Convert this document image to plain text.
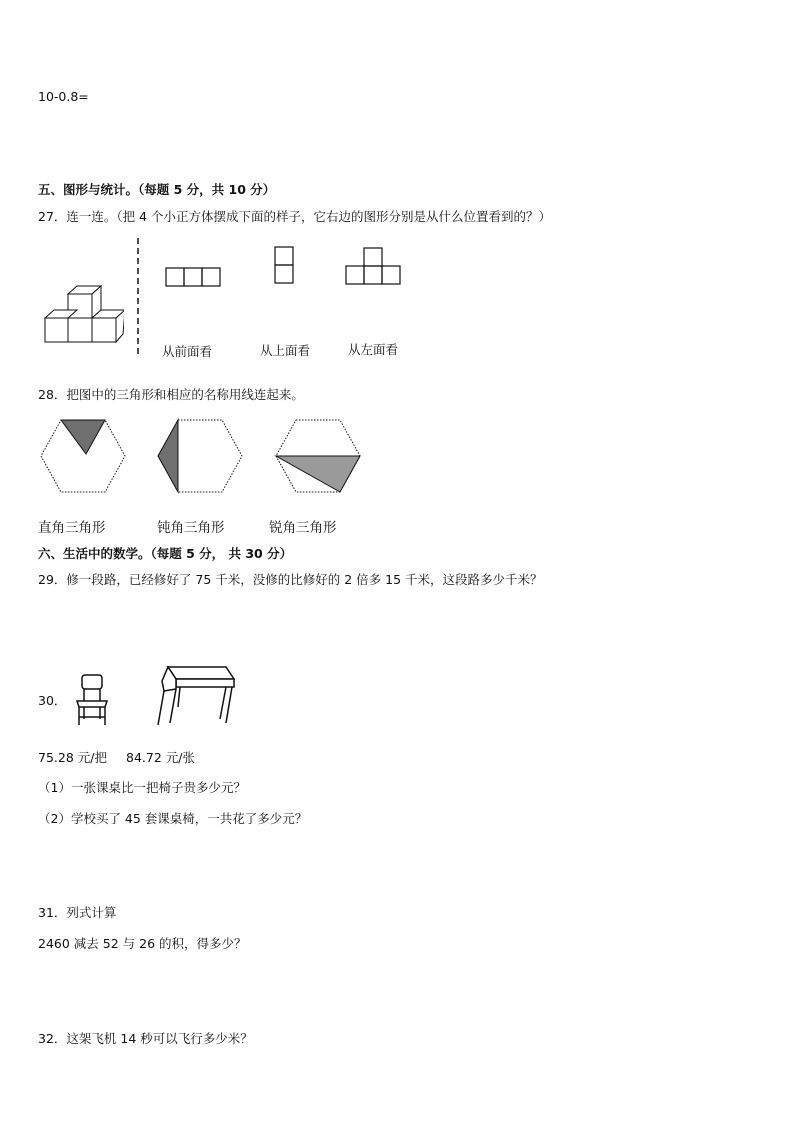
10-0.8=
五、图形与统计。（每题 5 分，共 10 分）
27．连一连。（把 4 个小正方体摆成下面的样子，它右边的图形分别是从什么位置看到的？）
从前面看	从上面看	从左面看
28．把图中的三角形和相应的名称用线连起来。
直角三角形	钝角三角形	锐角三角形
六、生活中的数学。（每题 5 分， 共 30 分）
29．修一段路，已经修好了 75 千米，没修的比修好的 2 倍多 15 千米，这段路多少千米？
30．
75.28 元/把 84.72 元/张
（1）一张课桌比一把椅子贵多少元？
（2）学校买了 45 套课桌椅，一共花了多少元？
31．列式计算
2460 减去 52 与 26 的积，得多少？
32．这架飞机 14 秒可以飞行多少米？
